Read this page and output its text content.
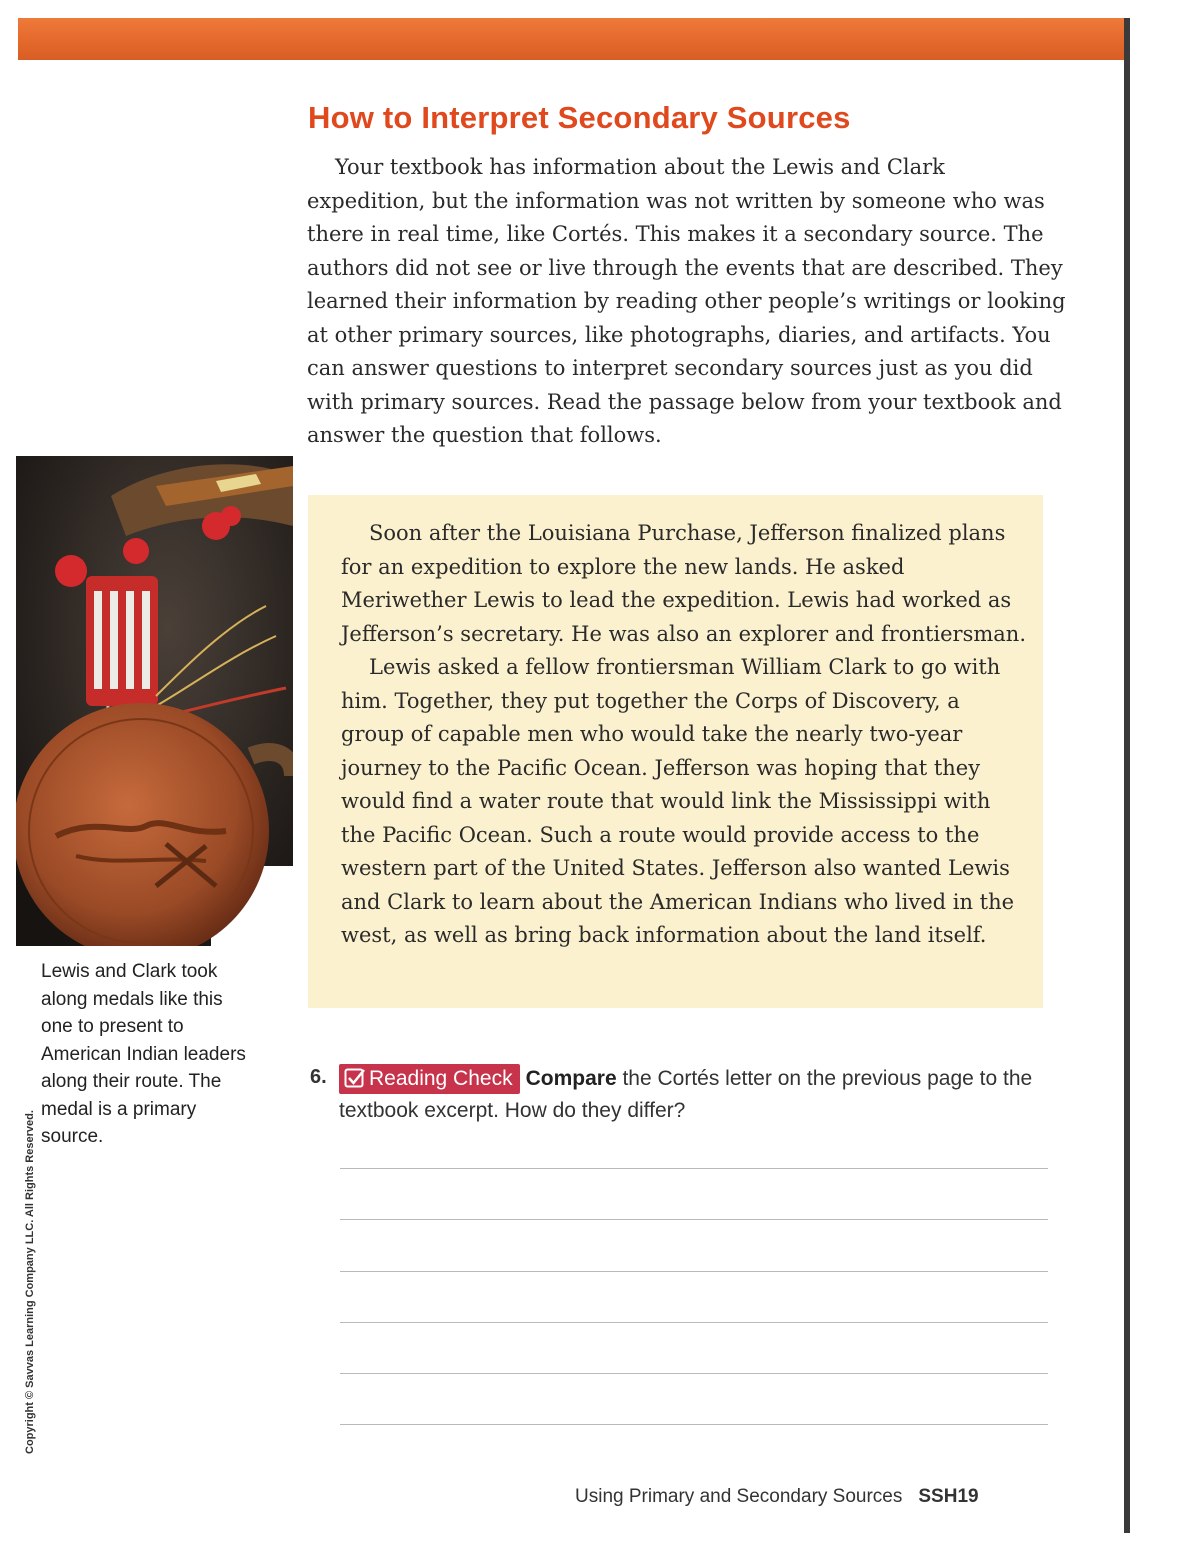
How to Interpret Secondary Sources

Your textbook has information about the Lewis and Clark expedition, but the information was not written by someone who was there in real time, like Cortés. This makes it a secondary source. The authors did not see or live through the events that are described. They learned their information by reading other people’s writings or looking at other primary sources, like photographs, diaries, and artifacts. You can answer questions to interpret secondary sources just as you did with primary sources. Read the passage below from your textbook and answer the question that follows.

Lewis and Clark took along medals like this one to present to American Indian leaders along their route. The medal is a primary source.

Copyright © Savvas Learning Company LLC. All Rights Reserved.

Soon after the Louisiana Purchase, Jefferson finalized plans for an expedition to explore the new lands. He asked Meriwether Lewis to lead the expedition. Lewis had worked as Jefferson’s secretary. He was also an explorer and frontiersman.

Lewis asked a fellow frontiersman William Clark to go with him. Together, they put together the Corps of Discovery, a group of capable men who would take the nearly two-year journey to the Pacific Ocean. Jefferson was hoping that they would find a water route that would link the Mississippi with the Pacific Ocean. Such a route would provide access to the western part of the United States. Jefferson also wanted Lewis and Clark to learn about the American Indians who lived in the west, as well as bring back information about the land itself.

6.	Reading Check Compare the Cortés letter on the previous page to the textbook excerpt. How do they differ?

Using Primary and Secondary Sources SSH19
